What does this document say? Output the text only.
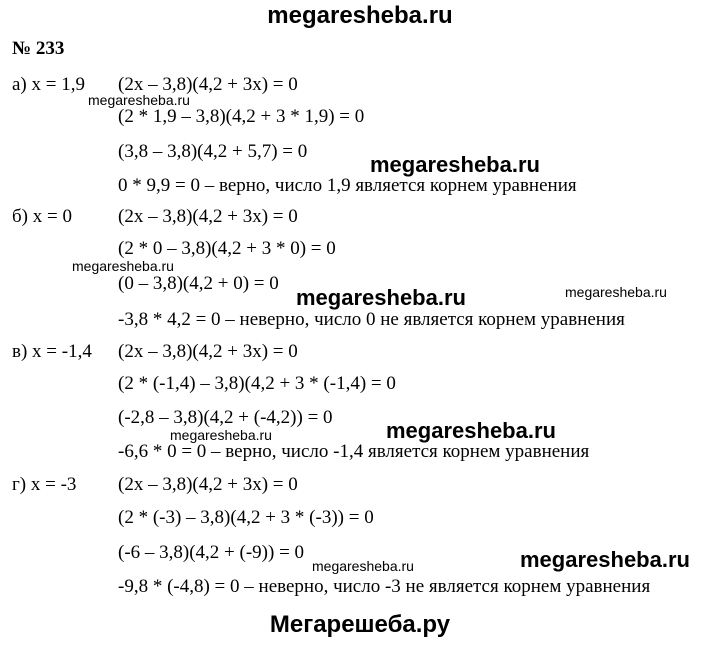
megaresheba.ru
№ 233
а) x = 1,9 (2x – 3,8)(4,2 + 3x) = 0
(2 * 1,9 – 3,8)(4,2 + 3 * 1,9) = 0
(3,8 – 3,8)(4,2 + 5,7) = 0
0 * 9,9 = 0 – верно, число 1,9 является корнем уравнения
б) x = 0 (2x – 3,8)(4,2 + 3x) = 0
(2 * 0 – 3,8)(4,2 + 3 * 0) = 0
(0 – 3,8)(4,2 + 0) = 0
-3,8 * 4,2 = 0 – неверно, число 0 не является корнем уравнения
в) x = -1,4 (2x – 3,8)(4,2 + 3x) = 0
(2 * (-1,4) – 3,8)(4,2 + 3 * (-1,4) = 0
(-2,8 – 3,8)(4,2 + (-4,2)) = 0
-6,6 * 0 = 0 – верно, число -1,4 является корнем уравнения
г) x = -3 (2x – 3,8)(4,2 + 3x) = 0
(2 * (-3) – 3,8)(4,2 + 3 * (-3)) = 0
(-6 – 3,8)(4,2 + (-9)) = 0
-9,8 * (-4,8) = 0 – неверно, число -3 не является корнем уравнения
megaresheba.ru
megaresheba.ru
megaresheba.ru
megaresheba.ru	megaresheba.ru
megaresheba.ru
megaresheba.ru
megaresheba.ru	megaresheba.ru
Мегарешеба.ру
